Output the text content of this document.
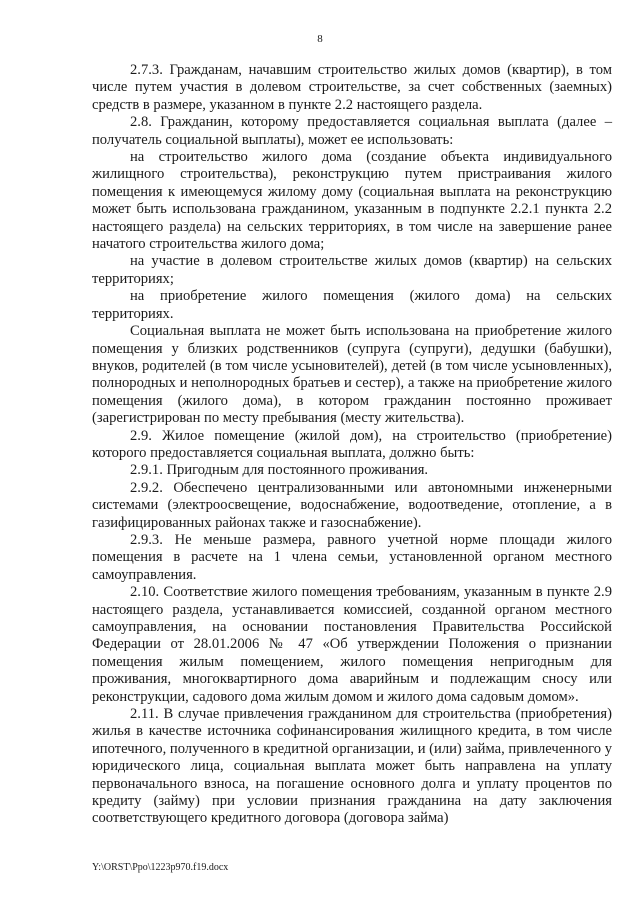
8

2.7.3. Гражданам, начавшим строительство жилых домов (квартир), в том числе путем участия в долевом строительстве, за счет собственных (заемных) средств в размере, указанном в пункте 2.2 настоящего раздела.

2.8. Гражданин, которому предоставляется социальная выплата (далее – получатель социальной выплаты), может ее использовать:

на строительство жилого дома (создание объекта индивидуального жилищного строительства), реконструкцию путем пристраивания жилого помещения к имеющемуся жилому дому (социальная выплата на реконструкцию может быть использована гражданином, указанным в подпункте 2.2.1 пункта 2.2 настоящего раздела) на сельских территориях, в том числе на завершение ранее начатого строительства жилого дома;

на участие в долевом строительстве жилых домов (квартир) на сельских территориях;

на приобретение жилого помещения (жилого дома) на сельских территориях.

Социальная выплата не может быть использована на приобретение жилого помещения у близких родственников (супруга (супруги), дедушки (бабушки), внуков, родителей (в том числе усыновителей), детей (в том числе усыновленных), полнородных и неполнородных братьев и сестер), а также на приобретение жилого помещения (жилого дома), в котором гражданин постоянно проживает (зарегистрирован по месту пребывания (месту жительства).

2.9. Жилое помещение (жилой дом), на строительство (приобретение) которого предоставляется социальная выплата, должно быть:

2.9.1. Пригодным для постоянного проживания.

2.9.2. Обеспечено централизованными или автономными инженерными системами (электроосвещение, водоснабжение, водоотведение, отопление, а в газифицированных районах также и газоснабжение).

2.9.3. Не меньше размера, равного учетной норме площади жилого помещения в расчете на 1 члена семьи, установленной органом местного самоуправления.

2.10. Соответствие жилого помещения требованиям, указанным в пункте 2.9 настоящего раздела, устанавливается комиссией, созданной органом местного самоуправления, на основании постановления Правительства Российской Федерации от 28.01.2006 № 47 «Об утверждении Положения о признании помещения жилым помещением, жилого помещения непригодным для проживания, многоквартирного дома аварийным и подлежащим сносу или реконструкции, садового дома жилым домом и жилого дома садовым домом».

2.11. В случае привлечения гражданином для строительства (приобретения) жилья в качестве источника софинансирования жилищного кредита, в том числе ипотечного, полученного в кредитной организации, и (или) займа, привлеченного у юридического лица, социальная выплата может быть направлена на уплату первоначального взноса, на погашение основного долга и уплату процентов по кредиту (займу) при условии признания гражданина на дату заключения соответствующего кредитного договора (договора займа)

Y:\ORST\Ppo\1223p970.f19.docx
